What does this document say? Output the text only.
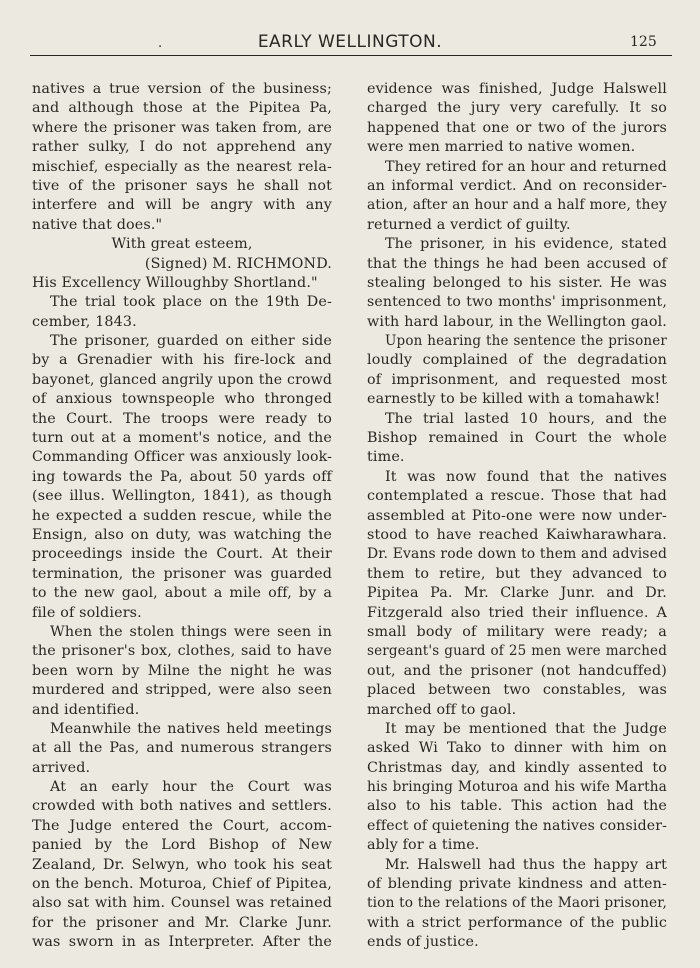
.	EARLY WELLINGTON.	125
natives a true version of the business;
and although those at the Pipitea Pa,
where the prisoner was taken from, are
rather sulky, I do not apprehend any
mischief, especially as the nearest rela-
tive of the prisoner says he shall not
interfere and will be angry with any
native that does."
With great esteem,
(Signed) M. RICHMOND.
His Excellency Willoughby Shortland."
The trial took place on the 19th De-
cember, 1843.
The prisoner, guarded on either side
by a Grenadier with his fire-lock and
bayonet, glanced angrily upon the crowd
of anxious townspeople who thronged
the Court. The troops were ready to
turn out at a moment's notice, and the
Commanding Officer was anxiously look-
ing towards the Pa, about 50 yards off
(see illus. Wellington, 1841), as though
he expected a sudden rescue, while the
Ensign, also on duty, was watching the
proceedings inside the Court. At their
termination, the prisoner was guarded
to the new gaol, about a mile off, by a
file of soldiers.
When the stolen things were seen in
the prisoner's box, clothes, said to have
been worn by Milne the night he was
murdered and stripped, were also seen
and identified.
Meanwhile the natives held meetings
at all the Pas, and numerous strangers
arrived.
At an early hour the Court was
crowded with both natives and settlers.
The Judge entered the Court, accom-
panied by the Lord Bishop of New
Zealand, Dr. Selwyn, who took his seat
on the bench. Moturoa, Chief of Pipitea,
also sat with him. Counsel was retained
for the prisoner and Mr. Clarke Junr.
was sworn in as Interpreter. After the
evidence was finished, Judge Halswell
charged the jury very carefully. It so
happened that one or two of the jurors
were men married to native women.
They retired for an hour and returned
an informal verdict. And on reconsider-
ation, after an hour and a half more, they
returned a verdict of guilty.
The prisoner, in his evidence, stated
that the things he had been accused of
stealing belonged to his sister. He was
sentenced to two months' imprisonment,
with hard labour, in the Wellington gaol.
Upon hearing the sentence the prisoner
loudly complained of the degradation
of imprisonment, and requested most
earnestly to be killed with a tomahawk!
The trial lasted 10 hours, and the
Bishop remained in Court the whole
time.
It was now found that the natives
contemplated a rescue. Those that had
assembled at Pito-one were now under-
stood to have reached Kaiwharawhara.
Dr. Evans rode down to them and advised
them to retire, but they advanced to
Pipitea Pa. Mr. Clarke Junr. and Dr.
Fitzgerald also tried their influence. A
small body of military were ready; a
sergeant's guard of 25 men were marched
out, and the prisoner (not handcuffed)
placed between two constables, was
marched off to gaol.
It may be mentioned that the Judge
asked Wi Tako to dinner with him on
Christmas day, and kindly assented to
his bringing Moturoa and his wife Martha
also to his table. This action had the
effect of quietening the natives consider-
ably for a time.
Mr. Halswell had thus the happy art
of blending private kindness and atten-
tion to the relations of the Maori prisoner,
with a strict performance of the public
ends of justice.
